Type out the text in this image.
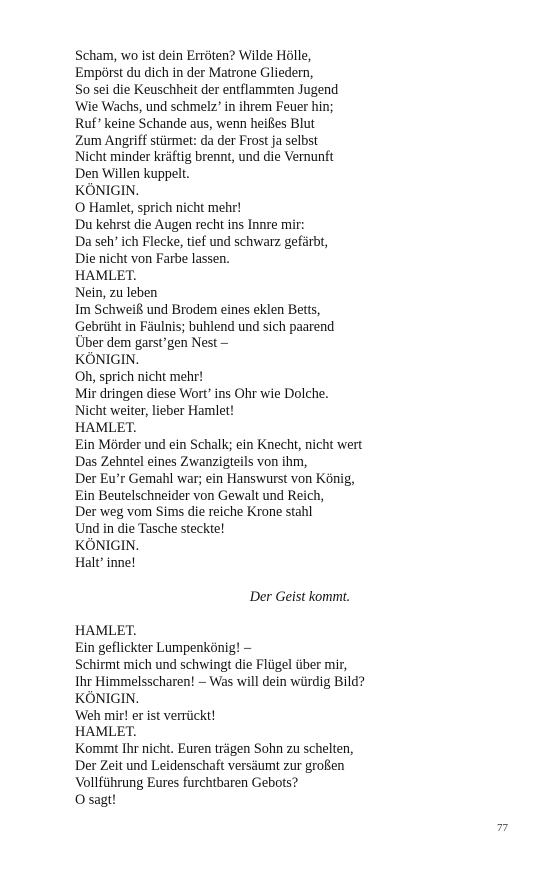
Scham, wo ist dein Erröten? Wilde Hölle,
Empörst du dich in der Matrone Gliedern,
So sei die Keuschheit der entflammten Jugend
Wie Wachs, und schmelz’ in ihrem Feuer hin;
Ruf’ keine Schande aus, wenn heißes Blut
Zum Angriff stürmet: da der Frost ja selbst
Nicht minder kräftig brennt, und die Vernunft
Den Willen kuppelt.
KÖNIGIN.
O Hamlet, sprich nicht mehr!
Du kehrst die Augen recht ins Innre mir:
Da seh’ ich Flecke, tief und schwarz gefärbt,
Die nicht von Farbe lassen.
HAMLET.
Nein, zu leben
Im Schweiß und Brodem eines eklen Betts,
Gebrüht in Fäulnis; buhlend und sich paarend
Über dem garst’gen Nest –
KÖNIGIN.
Oh, sprich nicht mehr!
Mir dringen diese Wort’ ins Ohr wie Dolche.
Nicht weiter, lieber Hamlet!
HAMLET.
Ein Mörder und ein Schalk; ein Knecht, nicht wert
Das Zehntel eines Zwanzigteils von ihm,
Der Eu’r Gemahl war; ein Hanswurst von König,
Ein Beutelschneider von Gewalt und Reich,
Der weg vom Sims die reiche Krone stahl
Und in die Tasche steckte!
KÖNIGIN.
Halt’ inne!
Der Geist kommt.
HAMLET.
Ein geflickter Lumpenkönig! –
Schirmt mich und schwingt die Flügel über mir,
Ihr Himmelsscharen! – Was will dein würdig Bild?
KÖNIGIN.
Weh mir! er ist verrückt!
HAMLET.
Kommt Ihr nicht. Euren trägen Sohn zu schelten,
Der Zeit und Leidenschaft versäumt zur großen
Vollführung Eures furchtbaren Gebots?
O sagt!
77
